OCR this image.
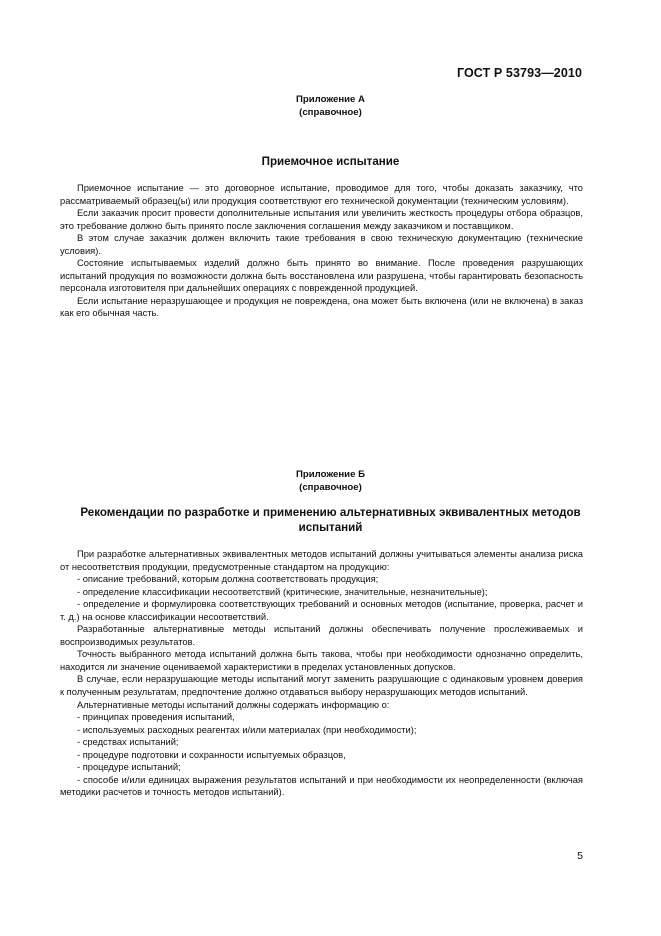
ГОСТ Р 53793—2010
Приложение А
(справочное)
Приемочное испытание

Приемочное испытание — это договорное испытание, проводимое для того, чтобы доказать заказчику, что рассматриваемый образец(ы) или продукция соответствуют его технической документации (техническим условиям).

Если заказчик просит провести дополнительные испытания или увеличить жесткость процедуры отбора образцов, это требование должно быть принято после заключения соглашения между заказчиком и поставщиком.

В этом случае заказчик должен включить такие требования в свою техническую документацию (технические условия).

Состояние испытываемых изделий должно быть принято во внимание. После проведения разрушающих испытаний продукция по возможности должна быть восстановлена или разрушена, чтобы гарантировать безопасность персонала изготовителя при дальнейших операциях с поврежденной продукцией.

Если испытание неразрушающее и продукция не повреждена, она может быть включена (или не включена) в заказ как его обычная часть.

Приложение Б
(справочное)
Рекомендации по разработке и применению альтернативных эквивалентных методов
испытаний

При разработке альтернативных эквивалентных методов испытаний должны учитываться элементы анализа риска от несоответствия продукции, предусмотренные стандартом на продукцию:

- описание требований, которым должна соответствовать продукция;

- определение классификации несоответствий (критические, значительные, незначительные);

- определение и формулировка соответствующих требований и основных методов (испытание, проверка, расчет и т. д.) на основе классификации несоответствий.

Разработанные альтернативные методы испытаний должны обеспечивать получение прослеживаемых и воспроизводимых результатов.

Точность выбранного метода испытаний должна быть такова, чтобы при необходимости однозначно определить, находится ли значение оцениваемой характеристики в пределах установленных допусков.

В случае, если неразрушающие методы испытаний могут заменить разрушающие с одинаковым уровнем доверия к полученным результатам, предпочтение должно отдаваться выбору неразрушающих методов испытаний.

Альтернативные методы испытаний должны содержать информацию о:

- принципах проведения испытаний,

- используемых расходных реагентах и/или материалах (при необходимости);

- средствах испытаний;

- процедуре подготовки и сохранности испытуемых образцов,

- процедуре испытаний;

- способе и/или единицах выражения результатов испытаний и при необходимости их неопределенности (включая методики расчетов и точность методов испытаний).

5
